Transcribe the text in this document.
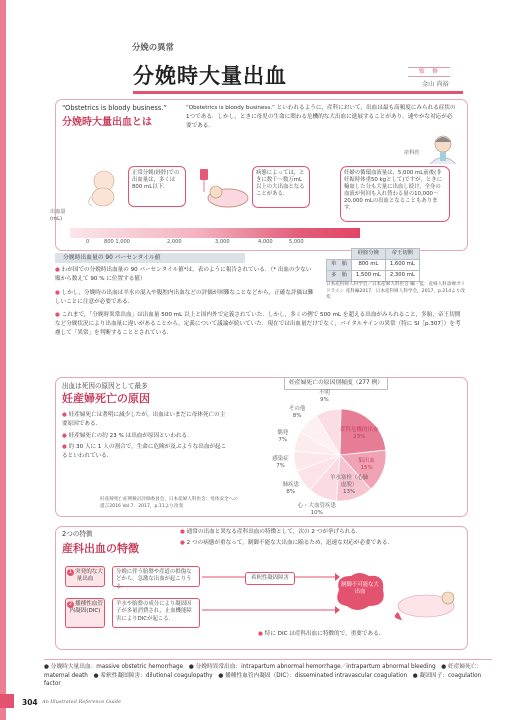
分娩の異常
分娩時大量出血	監　修
金山 尚裕
“Obstetrics is bloody business.”
分娩時大量出血とは
“Obstetrics is bloody business.” といわれるように，産科において，出血は最も高頻度にみられる症状の1つである．しかし，ときに母児の生命に関わる危機的な大出血に進展することがあり，速やかな対応が必要である．
産科医
正常分娩(経腟)での出血量は，多くは800 mL以下．
病態によっては，ときに数千～数万mL以上の大出血となることがある．
妊婦の循環血液量は，5,000 mL前後(非妊娠時体重50 kgとして)ですが，ときに輸血した分も大量に出血し続け，全身の血液が何回も入れ替わる量の10,000～20,000 mLの出血となることもあります．
出血量
(mL)
0	800 1,000	2,000	3,000	4,000	5,000
分娩時出血量の 90 パーセンタイル値
● わが国での分娩時出血量の 90 パーセンタイル値*は，表のように報告されている．（* 出血の少ない順から数えて 90 % に位置する値）
● しかし，分娩時の出血は羊水の混入や腹腔内出血などの評価が困難なことなどから，正確な評価は難しいことに注意が必要である．
● これまで，「分娩時異常出血」は出血量 500 mL 以上と国内外で定義されていた．しかし，多くの例で 500 mL を超える出血がみられること，多胎，帝王切開など分娩状況により出血量に違いがあることから，定義について議論が続いていた．現在では出血量だけでなく，バイタルサインの異常（特に SI［p.307］）を考慮して「異常」を判断することとされている．
	経腟分娩	帝王切開
単　胎	800 mL	1,600 mL
多　胎	1,500 mL	2,300 mL
日本産科婦人科学会／日本産婦人科医会 編・監：産婦人科診療ガイドライン 産科編2017．日本産科婦人科学会，2017，p.214より改変
出血は死因の原因として最多
妊産婦死亡の原因
● 妊産婦死亡は著明に減少したが，出血はいまだに母体死亡の主要原因である．
● 妊産婦死亡の約 23 % は出血が原因といわれる．
● 約 30 人に 1 人の割合で，生命に危険が及ぶような出血が起こるといわれている．
妊産婦死亡症例検討評価委員会，日本産婦人科医会：母体安全への提言2016 Vol.7．2017，p.11より改変
妊産婦死亡の原因別頻度（277 例）
産科危機的出血
23%
脳出血
15%
羊水塞栓（心肺虚脱）
13%
心・大血管疾患
10%
肺疾患
8%
感染症
7%
偶発
7%
その他
8%
不明
9%
2つの特徴
産科出血の特徴
● 通常の出血と異なる産科出血の特徴として，次の 2 つが挙げられる．
● 2 つの病態が重なって，制御不能な大出血に陥るため，迅速な対応が必要である．
1 突発的な大量出血
分娩に伴う胎盤や産道の損傷などから，急激な出血が起こりうる．
2 播種性血管内凝固(DIC)
羊水や胎盤の成分により凝固因子が多量消費され，止血機能障害によりDICが起こる．
希釈性凝固障害
制御不可能な大出血
● 特に DIC は産科出血に特徴的で，重要である．
● 分娩時大量出血：massive obstetric hemorrhage　● 分娩時異常出血：intrapartum abnormal hemorrhage／intrapartum abnormal bleeding　● 妊産婦死亡：maternal death　● 希釈性凝固障害：dilutional coagulopathy　● 播種性血管内凝固（DIC）：disseminated intravascular coagulation　● 凝固因子：coagulation factor
304 An Illustrated Reference Guide
